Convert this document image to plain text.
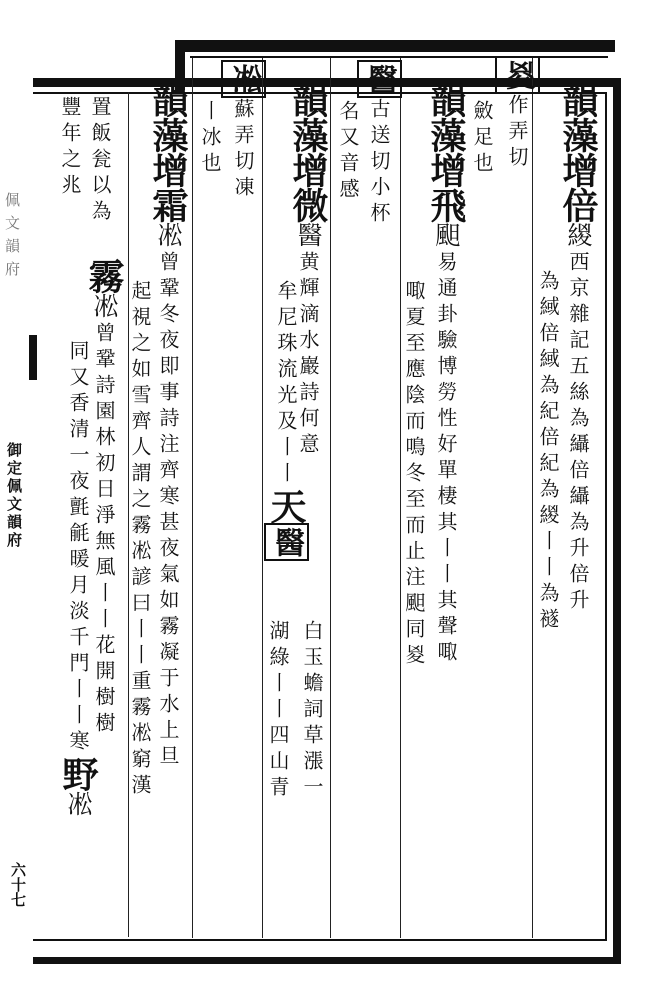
佩文韻府
御定佩文韻府
六十七
韻藻增倍緵西京雜記五絲為䌰倍䌰為升倍升
為緎倍緎為紀倍紀為緵丨丨為襚
㚇作弄切
斂足也
韻藻增飛䫻易通卦驗博勞性好單棲其丨丨其聲㖩
㖩夏至應陰而鳴冬至而止注䫻同㚇
醫古送切小杯
名又音感
韻藻增微醫黄輝滴水巖詩何意
牟尼珠流光及丨丨天醫
白玉蟾詞草漲一
湖綠丨丨四山青
凇蘇弄切凍
丨冰也
韻藻增霜凇曾鞏冬夜即事詩注齊寒甚夜氣如霧凝于水上旦
起視之如雪齊人謂之霧凇諺曰丨丨重霧凇窮漢
置飯瓮以為
霧凇曾鞏詩園林初日淨無風丨丨花開樹樹
豐年之兆
同又香清一夜氈毹暖月淡千門丨丨寒野凇
